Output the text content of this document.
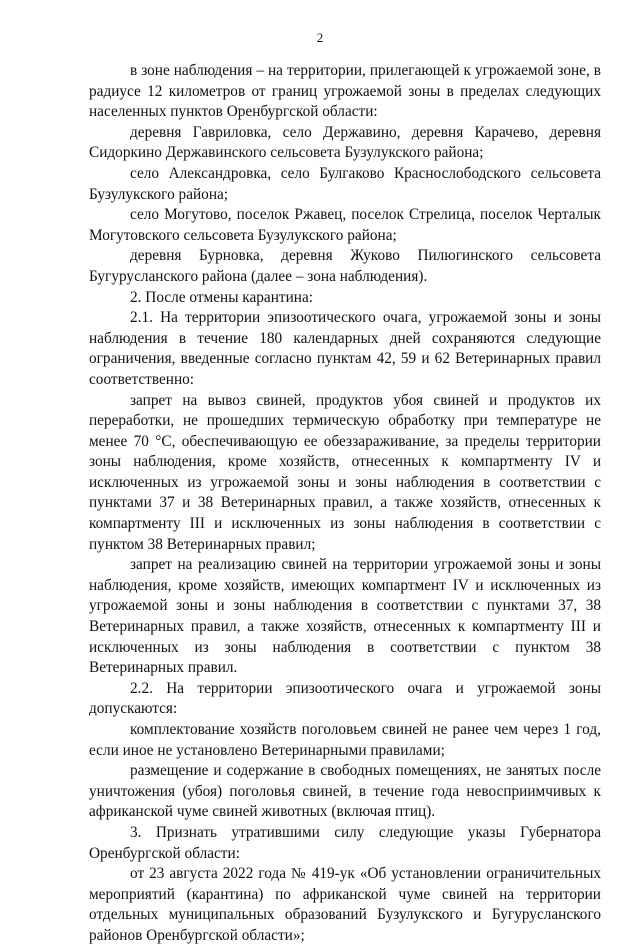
2

в зоне наблюдения – на территории, прилегающей к угрожаемой зоне, в радиусе 12 километров от границ угрожаемой зоны в пределах следующих населенных пунктов Оренбургской области:

деревня Гавриловка, село Державино, деревня Карачево, деревня Сидоркино Державинского сельсовета Бузулукского района;

село Александровка, село Булгаково Краснослободского сельсовета Бузулукского района;

село Могутово, поселок Ржавец, поселок Стрелица, поселок Черталык Могутовского сельсовета Бузулукского района;

деревня Бурновка, деревня Жуково Пилюгинского сельсовета Бугурусланского района (далее – зона наблюдения).

2. После отмены карантина:

2.1. На территории эпизоотического очага, угрожаемой зоны и зоны наблюдения в течение 180 календарных дней сохраняются следующие ограничения, введенные согласно пунктам 42, 59 и 62 Ветеринарных правил соответственно:

запрет на вывоз свиней, продуктов убоя свиней и продуктов их переработки, не прошедших термическую обработку при температуре не менее 70 °С, обеспечивающую ее обеззараживание, за пределы территории зоны наблюдения, кроме хозяйств, отнесенных к компартменту IV и исключенных из угрожаемой зоны и зоны наблюдения в соответствии с пунктами 37 и 38 Ветеринарных правил, а также хозяйств, отнесенных к компартменту III и исключенных из зоны наблюдения в соответствии с пунктом 38 Ветеринарных правил;

запрет на реализацию свиней на территории угрожаемой зоны и зоны наблюдения, кроме хозяйств, имеющих компартмент IV и исключенных из угрожаемой зоны и зоны наблюдения в соответствии с пунктами 37, 38 Ветеринарных правил, а также хозяйств, отнесенных к компартменту III и исключенных из зоны наблюдения в соответствии с пунктом 38 Ветеринарных правил.

2.2. На территории эпизоотического очага и угрожаемой зоны допускаются:

комплектование хозяйств поголовьем свиней не ранее чем через 1 год, если иное не установлено Ветеринарными правилами;

размещение и содержание в свободных помещениях, не занятых после уничтожения (убоя) поголовья свиней, в течение года невосприимчивых к африканской чуме свиней животных (включая птиц).

3. Признать утратившими силу следующие указы Губернатора Оренбургской области:

от 23 августа 2022 года № 419-ук «Об установлении ограничительных мероприятий (карантина) по африканской чуме свиней на территории отдельных муниципальных образований Бузулукского и Бугурусланского районов Оренбургской области»;
